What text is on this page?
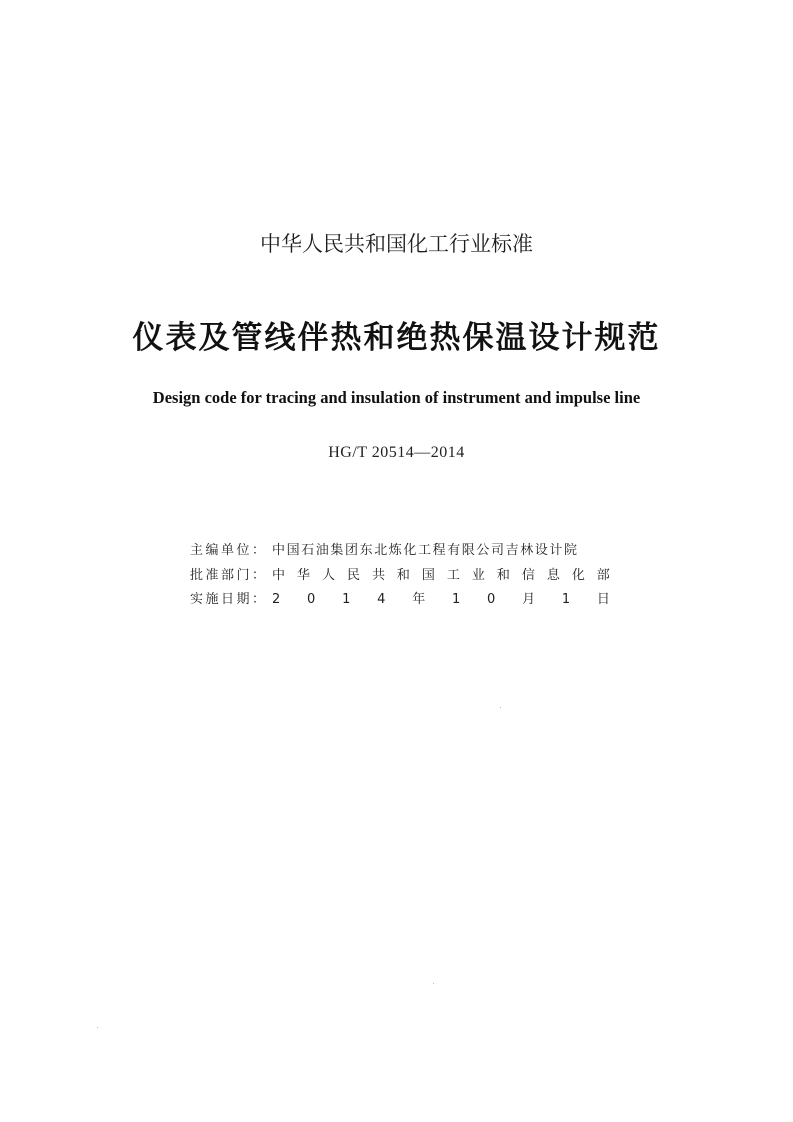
中华人民共和国化工行业标准
仪表及管线伴热和绝热保温设计规范
Design code for tracing and insulation of instrument and impulse line
HG/T 20514—2014
主编单位： 中国石油集团东北炼化工程有限公司吉林设计院
批准部门： 中 华 人 民 共 和 国 工 业 和 信 息 化 部
实施日期： 2 0 1 4 年 1 0 月 1 日
